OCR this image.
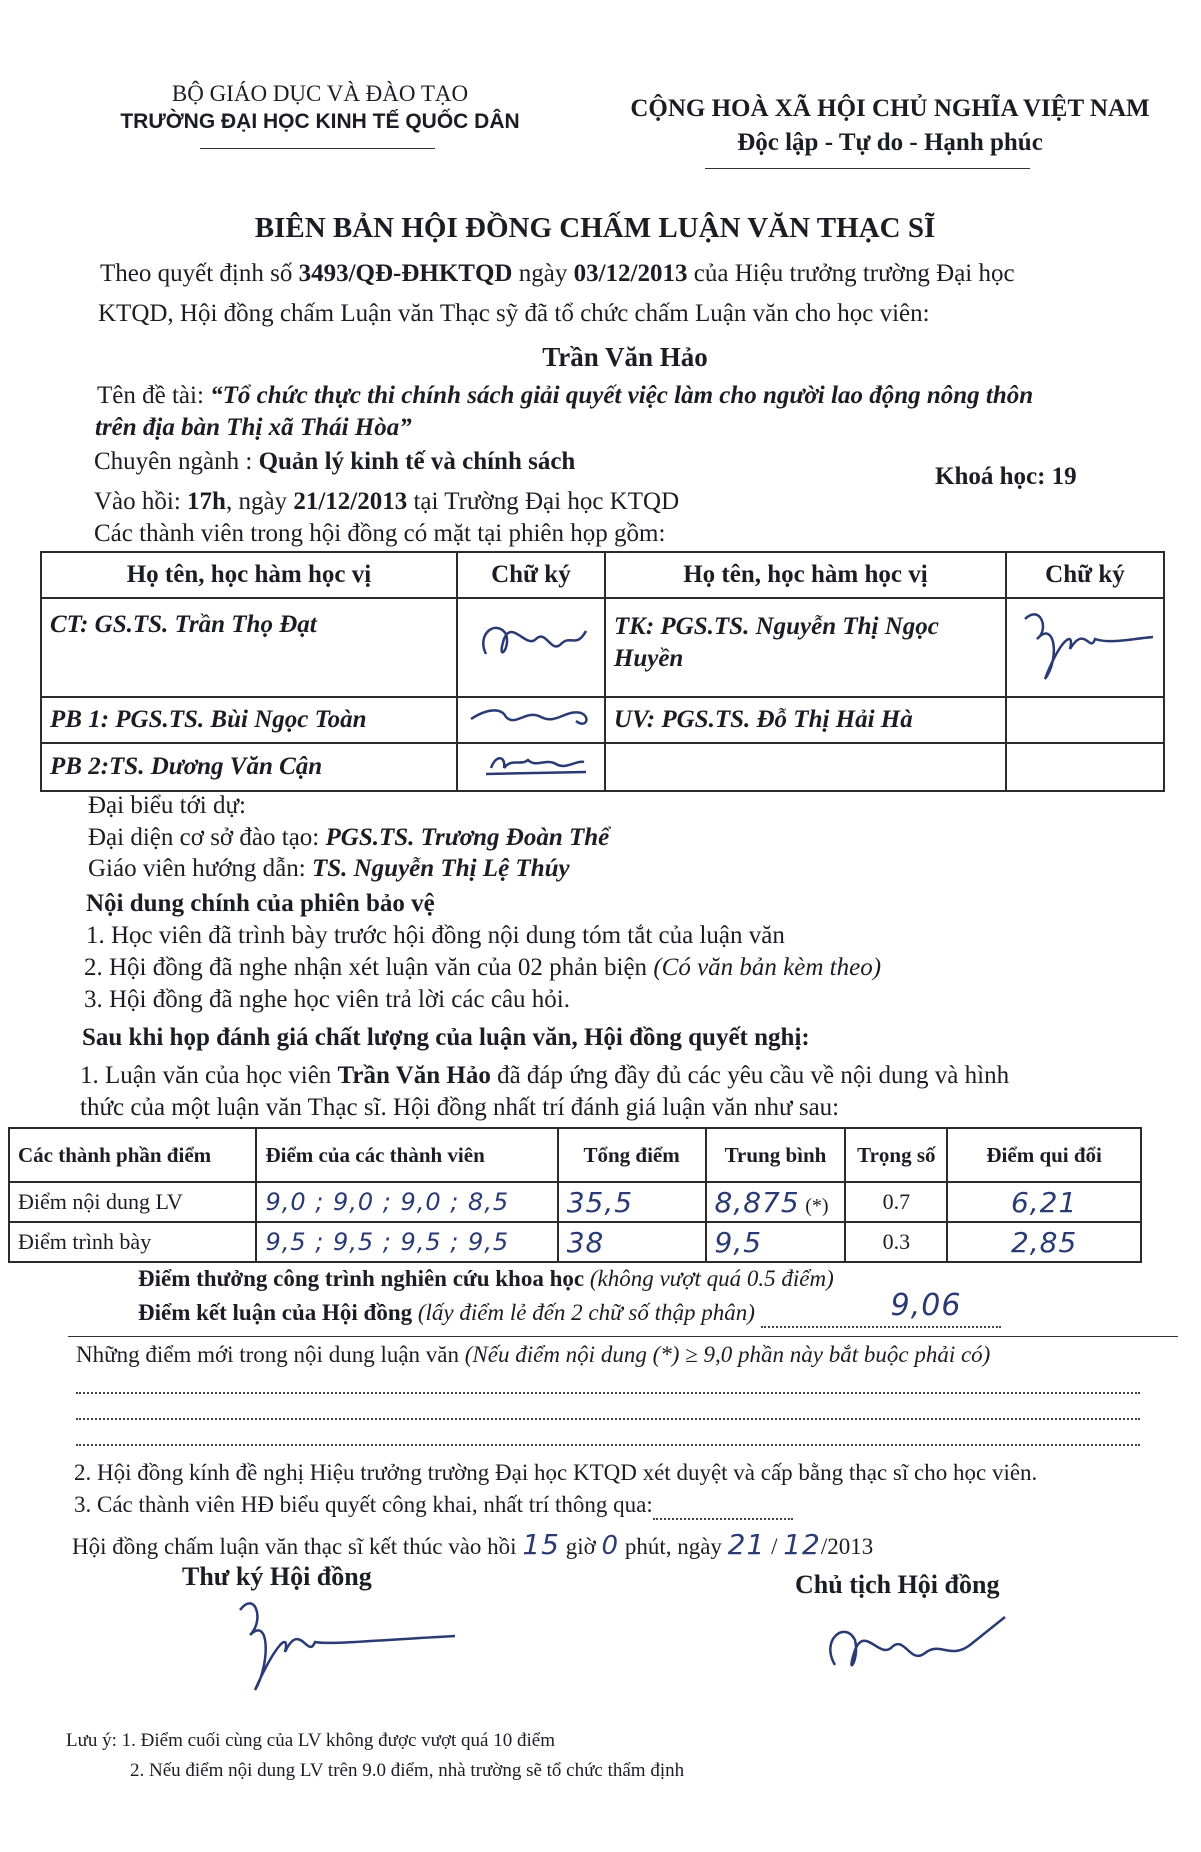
BỘ GIÁO DỤC VÀ ĐÀO TẠO
TRƯỜNG ĐẠI HỌC KINH TẾ QUỐC DÂN	CỘNG HOÀ XÃ HỘI CHỦ NGHĨA VIỆT NAM
Độc lập - Tự do - Hạnh phúc
BIÊN BẢN HỘI ĐỒNG CHẤM LUẬN VĂN THẠC SĨ
Theo quyết định số 3493/QĐ-ĐHKTQD ngày 03/12/2013 của Hiệu trưởng trường Đại học
KTQD, Hội đồng chấm Luận văn Thạc sỹ đã tổ chức chấm Luận văn cho học viên:
Trần Văn Hảo
Tên đề tài: “Tổ chức thực thi chính sách giải quyết việc làm cho người lao động nông thôn
trên địa bàn Thị xã Thái Hòa”
Chuyên ngành : Quản lý kinh tế và chính sách
Khoá học: 19
Vào hồi: 17h, ngày 21/12/2013 tại Trường Đại học KTQD
Các thành viên trong hội đồng có mặt tại phiên họp gồm:
Họ tên, học hàm học vị	Chữ ký	Họ tên, học hàm học vị	Chữ ký
CT: GS.TS. Trần Thọ Đạt		TK: PGS.TS. Nguyễn Thị Ngọc Huyền	
PB 1: PGS.TS. Bùi Ngọc Toàn		UV: PGS.TS. Đỗ Thị Hải Hà	
PB 2:TS. Dương Văn Cận			
Đại biểu tới dự:
Đại diện cơ sở đào tạo: PGS.TS. Trương Đoàn Thể
Giáo viên hướng dẫn: TS. Nguyễn Thị Lệ Thúy
Nội dung chính của phiên bảo vệ
1. Học viên đã trình bày trước hội đồng nội dung tóm tắt của luận văn
2. Hội đồng đã nghe nhận xét luận văn của 02 phản biện (Có văn bản kèm theo)
3. Hội đồng đã nghe học viên trả lời các câu hỏi.
Sau khi họp đánh giá chất lượng của luận văn, Hội đồng quyết nghị:
1. Luận văn của học viên Trần Văn Hảo đã đáp ứng đầy đủ các yêu cầu về nội dung và hình
thức của một luận văn Thạc sĩ. Hội đồng nhất trí đánh giá luận văn như sau:
Các thành phần điểm	Điểm của các thành viên	Tổng điểm	Trung bình	Trọng số	Điểm qui đổi
Điểm nội dung LV	9,0 ; 9,0 ; 9,0 ; 8,5	35,5	8,875 (*)	0.7	6,21
Điểm trình bày	9,5 ; 9,5 ; 9,5 ; 9,5	38	9,5	0.3	2,85
Điểm thưởng công trình nghiên cứu khoa học (không vượt quá 0.5 điểm)
Điểm kết luận của Hội đồng (lấy điểm lẻ đến 2 chữ số thập phân)	9,06

Những điểm mới trong nội dung luận văn (Nếu điểm nội dung (*) ≥ 9,0 phần này bắt buộc phải có)
2. Hội đồng kính đề nghị Hiệu trưởng trường Đại học KTQD xét duyệt và cấp bằng thạc sĩ cho học viên.
3. Các thành viên HĐ biểu quyết công khai, nhất trí thông qua:
Hội đồng chấm luận văn thạc sĩ kết thúc vào hồi 15 giờ 0 phút, ngày 21 / 12/2013
Thư ký Hội đồng	Chủ tịch Hội đồng
Lưu ý: 1. Điểm cuối cùng của LV không được vượt quá 10 điểm
2. Nếu điểm nội dung LV trên 9.0 điểm, nhà trường sẽ tổ chức thẩm định
